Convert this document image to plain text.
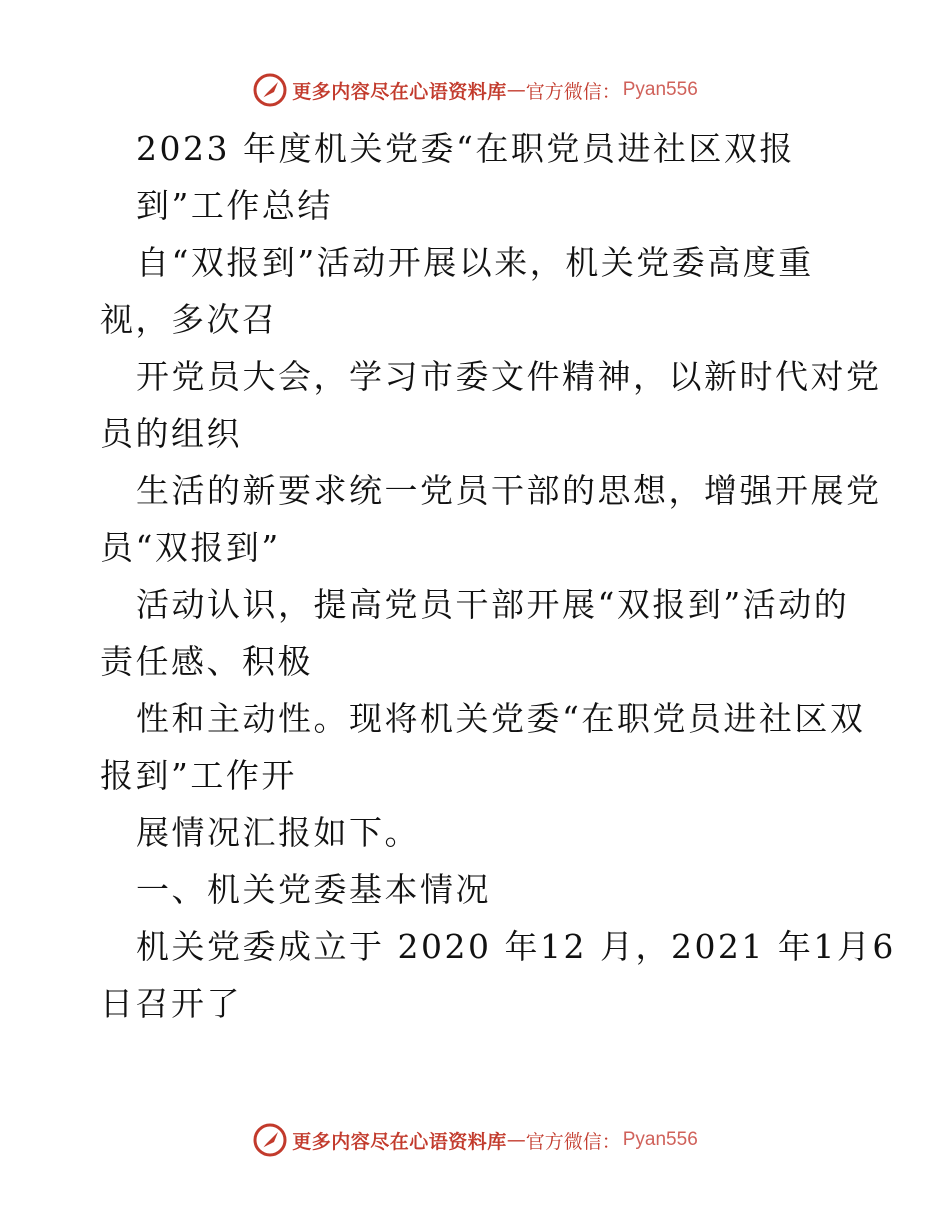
更多内容尽在心语资料库 — 官方微信： Pyan556
2023 年度机关党委“在职党员进社区双报
到”工作总结
自“双报到”活动开展以来，机关党委高度重
视，多次召
开党员大会，学习市委文件精神，以新时代对党
员的组织
生活的新要求统一党员干部的思想，增强开展党
员“双报到”
活动认识，提高党员干部开展“双报到”活动的
责任感、积极
性和主动性。现将机关党委“在职党员进社区双
报到”工作开
展情况汇报如下。
一、机关党委基本情况
机关党委成立于 2020 年12 月，2021 年1月6
日召开了
更多内容尽在心语资料库 — 官方微信： Pyan556
